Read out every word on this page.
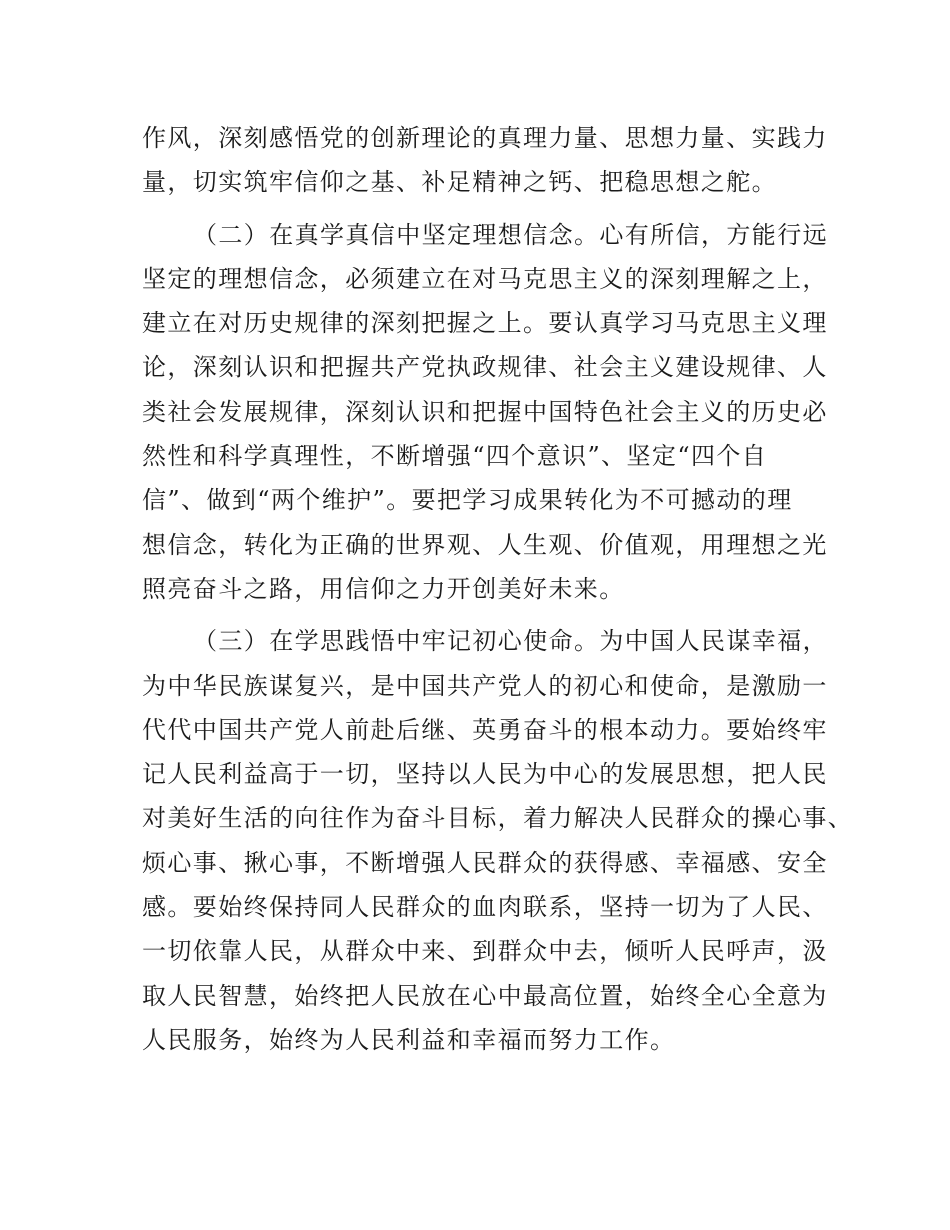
作风，深刻感悟党的创新理论的真理力量、思想力量、实践力
量，切实筑牢信仰之基、补足精神之钙、把稳思想之舵。
（二）在真学真信中坚定理想信念。心有所信，方能行远
坚定的理想信念，必须建立在对马克思主义的深刻理解之上，
建立在对历史规律的深刻把握之上。要认真学习马克思主义理
论，深刻认识和把握共产党执政规律、社会主义建设规律、人
类社会发展规律，深刻认识和把握中国特色社会主义的历史必
然性和科学真理性，不断增强“四个意识”、坚定“四个自
信”、做到“两个维护”。要把学习成果转化为不可撼动的理
想信念，转化为正确的世界观、人生观、价值观，用理想之光
照亮奋斗之路，用信仰之力开创美好未来。
（三）在学思践悟中牢记初心使命。为中国人民谋幸福，
为中华民族谋复兴，是中国共产党人的初心和使命，是激励一
代代中国共产党人前赴后继、英勇奋斗的根本动力。要始终牢
记人民利益高于一切，坚持以人民为中心的发展思想，把人民
对美好生活的向往作为奋斗目标，着力解决人民群众的操心事、
烦心事、揪心事，不断增强人民群众的获得感、幸福感、安全
感。要始终保持同人民群众的血肉联系，坚持一切为了人民、
一切依靠人民，从群众中来、到群众中去，倾听人民呼声，汲
取人民智慧，始终把人民放在心中最高位置，始终全心全意为
人民服务，始终为人民利益和幸福而努力工作。
